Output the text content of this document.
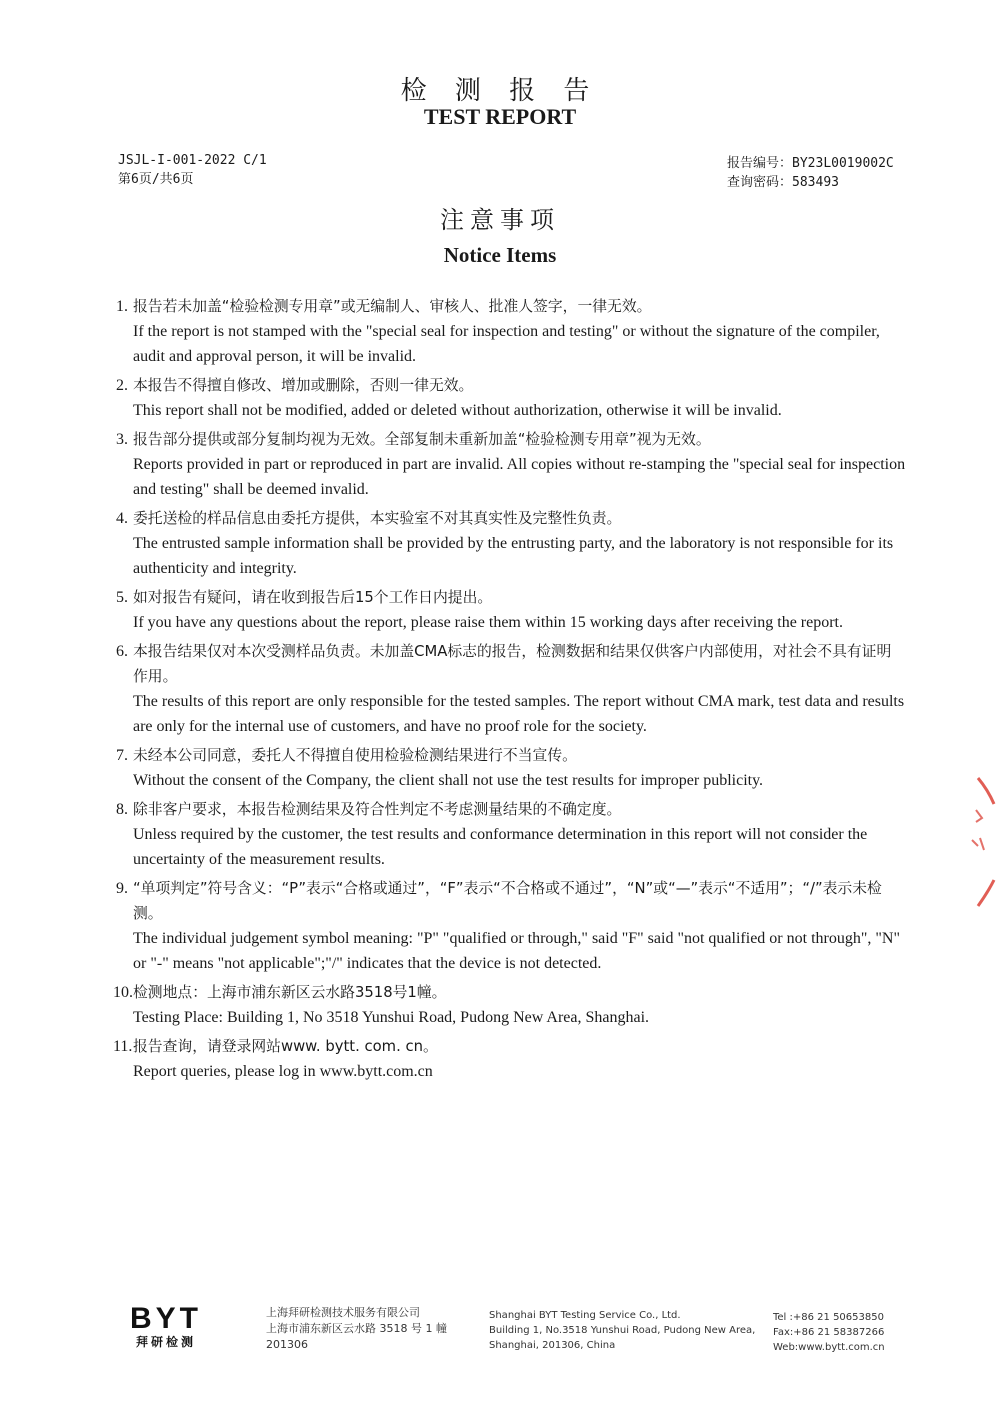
检 测 报 告
TEST REPORT
JSJL-I-001-2022 C/1
第6页/共6页
报告编号：BY23L0019002C
查询密码：583493
注意事项
Notice Items
1. 报告若未加盖“检验检测专用章”或无编制人、审核人、批准人签字，一律无效。
If the report is not stamped with the "special seal for inspection and testing" or without the signature of the compiler, audit and approval person, it will be invalid.
2. 本报告不得擅自修改、增加或删除，否则一律无效。
This report shall not be modified, added or deleted without authorization, otherwise it will be invalid.
3. 报告部分提供或部分复制均视为无效。全部复制未重新加盖“检验检测专用章”视为无效。
Reports provided in part or reproduced in part are invalid. All copies without re-stamping the "special seal for inspection and testing" shall be deemed invalid.
4. 委托送检的样品信息由委托方提供，本实验室不对其真实性及完整性负责。
The entrusted sample information shall be provided by the entrusting party, and the laboratory is not responsible for its authenticity and integrity.
5. 如对报告有疑问，请在收到报告后15个工作日内提出。
If you have any questions about the report, please raise them within 15 working days after receiving the report.
6. 本报告结果仅对本次受测样品负责。未加盖CMA标志的报告，检测数据和结果仅供客户内部使用，对社会不具有证明作用。
The results of this report are only responsible for the tested samples. The report without CMA mark, test data and results are only for the internal use of customers, and have no proof role for the society.
7. 未经本公司同意，委托人不得擅自使用检验检测结果进行不当宣传。
Without the consent of the Company, the client shall not use the test results for improper publicity.
8. 除非客户要求，本报告检测结果及符合性判定不考虑测量结果的不确定度。
Unless required by the customer, the test results and conformance determination in this report will not consider the uncertainty of the measurement results.
9. “单项判定”符号含义：“P”表示“合格或通过”，“F”表示“不合格或不通过”，“N”或“—”表示“不适用”；“/”表示未检测。
The individual judgement symbol meaning: "P" "qualified or through," said "F" said "not qualified or not through", "N" or "-" means "not applicable";"/" indicates that the device is not detected.
10. 检测地点：上海市浦东新区云水路3518号1幢。
Testing Place: Building 1, No 3518 Yunshui Road, Pudong New Area, Shanghai.
11. 报告查询，请登录网站www. bytt. com. cn。
Report queries, please log in www.bytt.com.cn
BYT
拜研检测
上海拜研检测技术服务有限公司
上海市浦东新区云水路 3518 号 1 幢
201306
Shanghai BYT Testing Service Co., Ltd.
Building 1, No.3518 Yunshui Road, Pudong New Area,
Shanghai, 201306, China
Tel :+86 21 50653850
Fax:+86 21 58387266
Web:www.bytt.com.cn
